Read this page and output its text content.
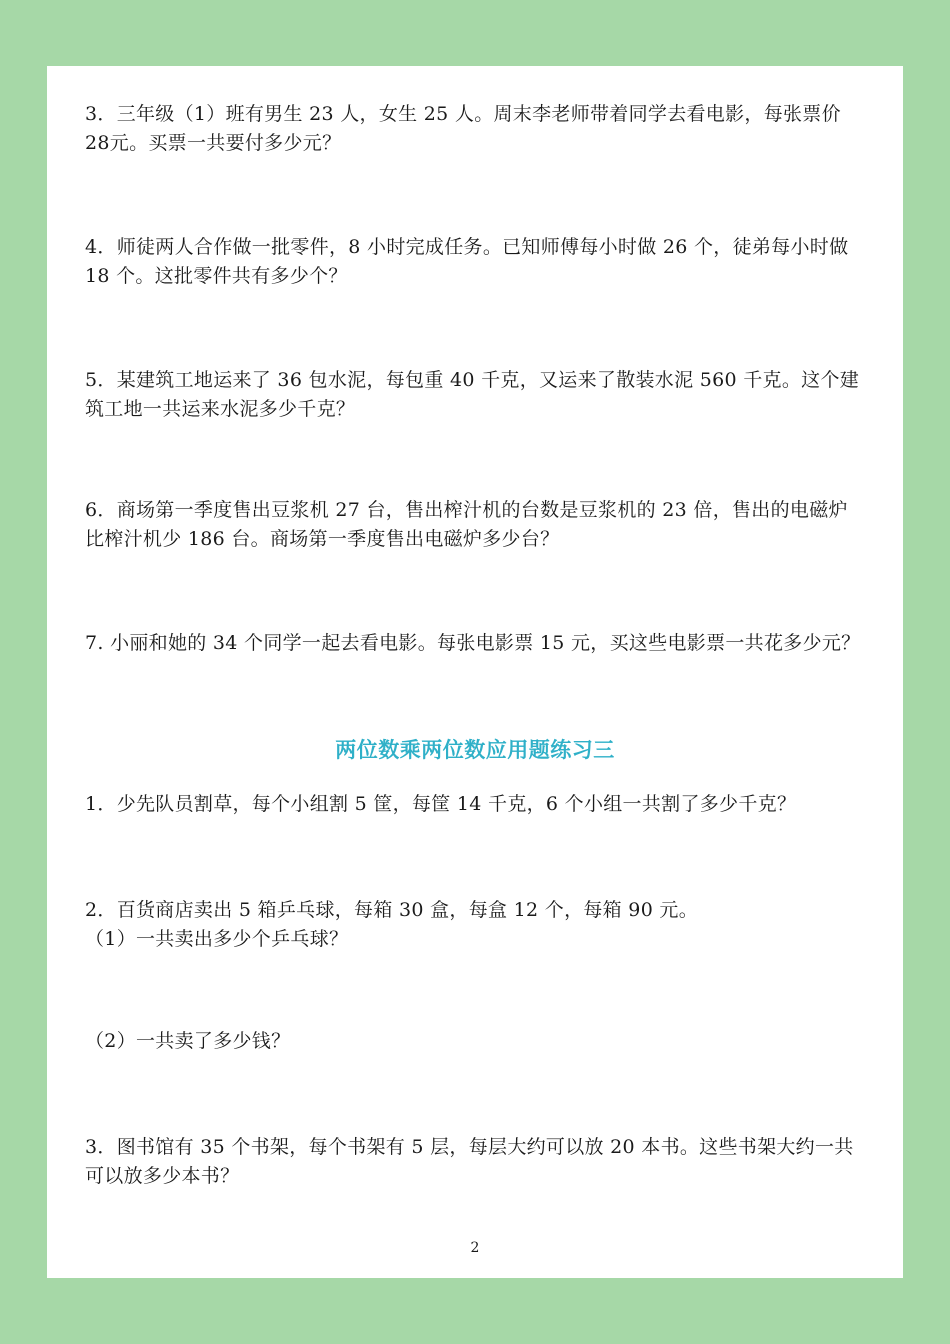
3．三年级（1）班有男生 23 人，女生 25 人。周末李老师带着同学去看电影，每张票价

28元。买票一共要付多少元？

4．师徒两人合作做一批零件，8 小时完成任务。已知师傅每小时做 26 个，徒弟每小时做

18 个。这批零件共有多少个？

5．某建筑工地运来了 36 包水泥，每包重 40 千克，又运来了散装水泥 560 千克。这个建

筑工地一共运来水泥多少千克？

6．商场第一季度售出豆浆机 27 台，售出榨汁机的台数是豆浆机的 23 倍，售出的电磁炉

比榨汁机少 186 台。商场第一季度售出电磁炉多少台？

7. 小丽和她的 34 个同学一起去看电影。每张电影票 15 元，买这些电影票一共花多少元？

两位数乘两位数应用题练习三

1．少先队员割草，每个小组割 5 筐，每筐 14 千克，6 个小组一共割了多少千克？

2．百货商店卖出 5 箱乒乓球，每箱 30 盒，每盒 12 个，每箱 90 元。

（1）一共卖出多少个乒乓球？

（2）一共卖了多少钱？

3．图书馆有 35 个书架，每个书架有 5 层，每层大约可以放 20 本书。这些书架大约一共

可以放多少本书？

2
